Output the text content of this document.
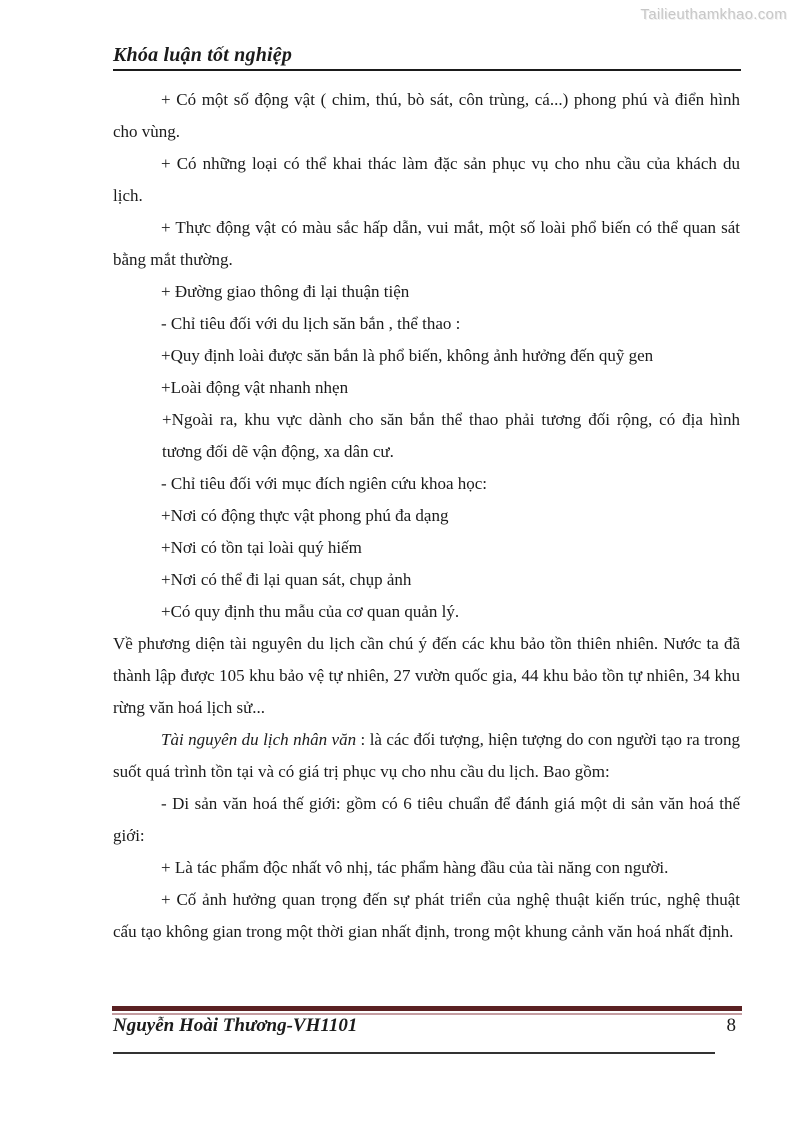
Tailieuthamkhao.com
Khóa luận tốt nghiệp

+ Có một số động vật ( chim, thú, bò sát, côn trùng, cá...) phong phú và điển hình cho vùng.

+ Có những loại có thể khai thác làm đặc sản phục vụ cho nhu cầu của khách du lịch.

+ Thực động vật có màu sắc hấp dẫn, vui mắt, một số loài phổ biến có thể quan sát bằng mắt thường.

+ Đường giao thông đi lại thuận tiện

- Chỉ tiêu đối với du lịch săn bắn , thể thao :

+Quy định loài được săn bắn là phổ biến, không ảnh hưởng đến quỹ gen

+Loài động vật nhanh nhẹn

+Ngoài ra, khu vực dành cho săn bắn thể thao phải tương đối rộng, có địa hình tương đối dẽ vận động, xa dân cư.

- Chỉ tiêu đối với mục đích ngiên cứu khoa học:

+Nơi có động thực vật phong phú đa dạng

+Nơi có tồn tại loài quý hiếm

+Nơi có thể đi lại quan sát, chụp ảnh

+Có quy định thu mẫu của cơ quan quản lý.

Về phương diện tài nguyên du lịch cần chú ý đến các khu bảo tồn thiên nhiên. Nước ta đã thành lập được 105 khu bảo vệ tự nhiên, 27 vườn quốc gia, 44 khu bảo tồn tự nhiên, 34 khu rừng văn hoá lịch sử...

Tài nguyên du lịch nhân văn : là các đối tượng, hiện tượng do con người tạo ra trong suốt quá trình tồn tại và có giá trị phục vụ cho nhu cầu du lịch. Bao gồm:

- Di sản văn hoá thế giới: gồm có 6 tiêu chuẩn để đánh giá một di sản văn hoá thế giới:

+ Là tác phẩm độc nhất vô nhị, tác phẩm hàng đầu của tài năng con người.

+ Cố ảnh hưởng quan trọng đến sự phát triển của nghệ thuật kiến trúc, nghệ thuật cấu tạo không gian trong một thời gian nhất định, trong một khung cảnh văn hoá nhất định.

Nguyễn Hoài Thương-VH1101	8
